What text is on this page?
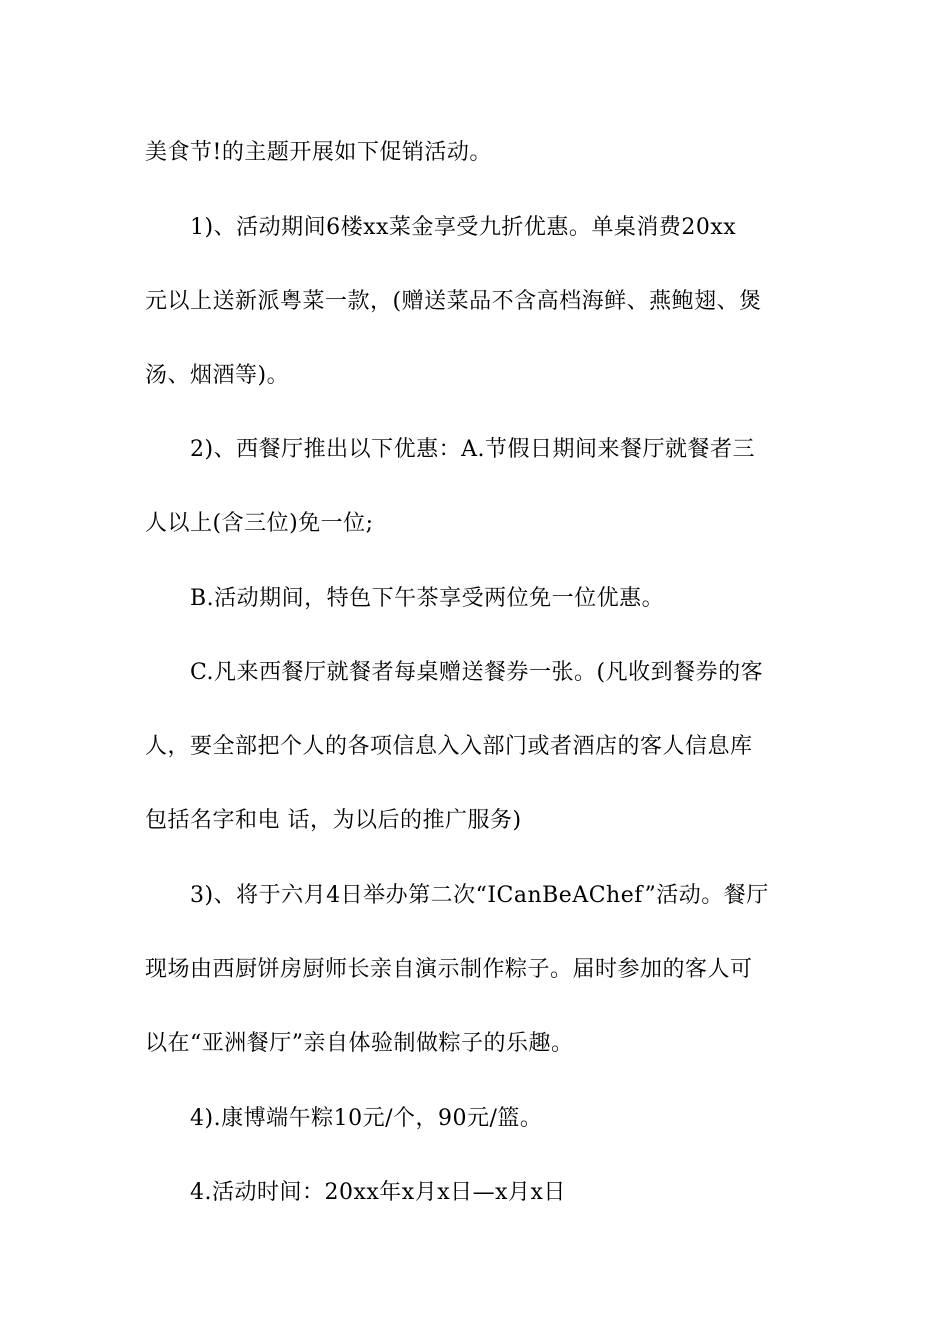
美食节!的主题开展如下促销活动。
1)、活动期间6楼xx菜金享受九折优惠。单桌消费20xx
元以上送新派粤菜一款，(赠送菜品不含高档海鲜、燕鲍翅、煲
汤、烟酒等)。
2)、西餐厅推出以下优惠：A.节假日期间来餐厅就餐者三
人以上(含三位)免一位;
B.活动期间，特色下午茶享受两位免一位优惠。
C.凡来西餐厅就餐者每桌赠送餐券一张。(凡收到餐券的客
人，要全部把个人的各项信息入入部门或者酒店的客人信息库
包括名字和电 话，为以后的推广服务)
3)、将于六月4日举办第二次“ICanBeAChef”活动。餐厅
现场由西厨饼房厨师长亲自演示制作粽子。届时参加的客人可
以在“亚洲餐厅”亲自体验制做粽子的乐趣。
4).康博端午粽10元/个，90元/篮。
4.活动时间：20xx年x月x日—x月x日
